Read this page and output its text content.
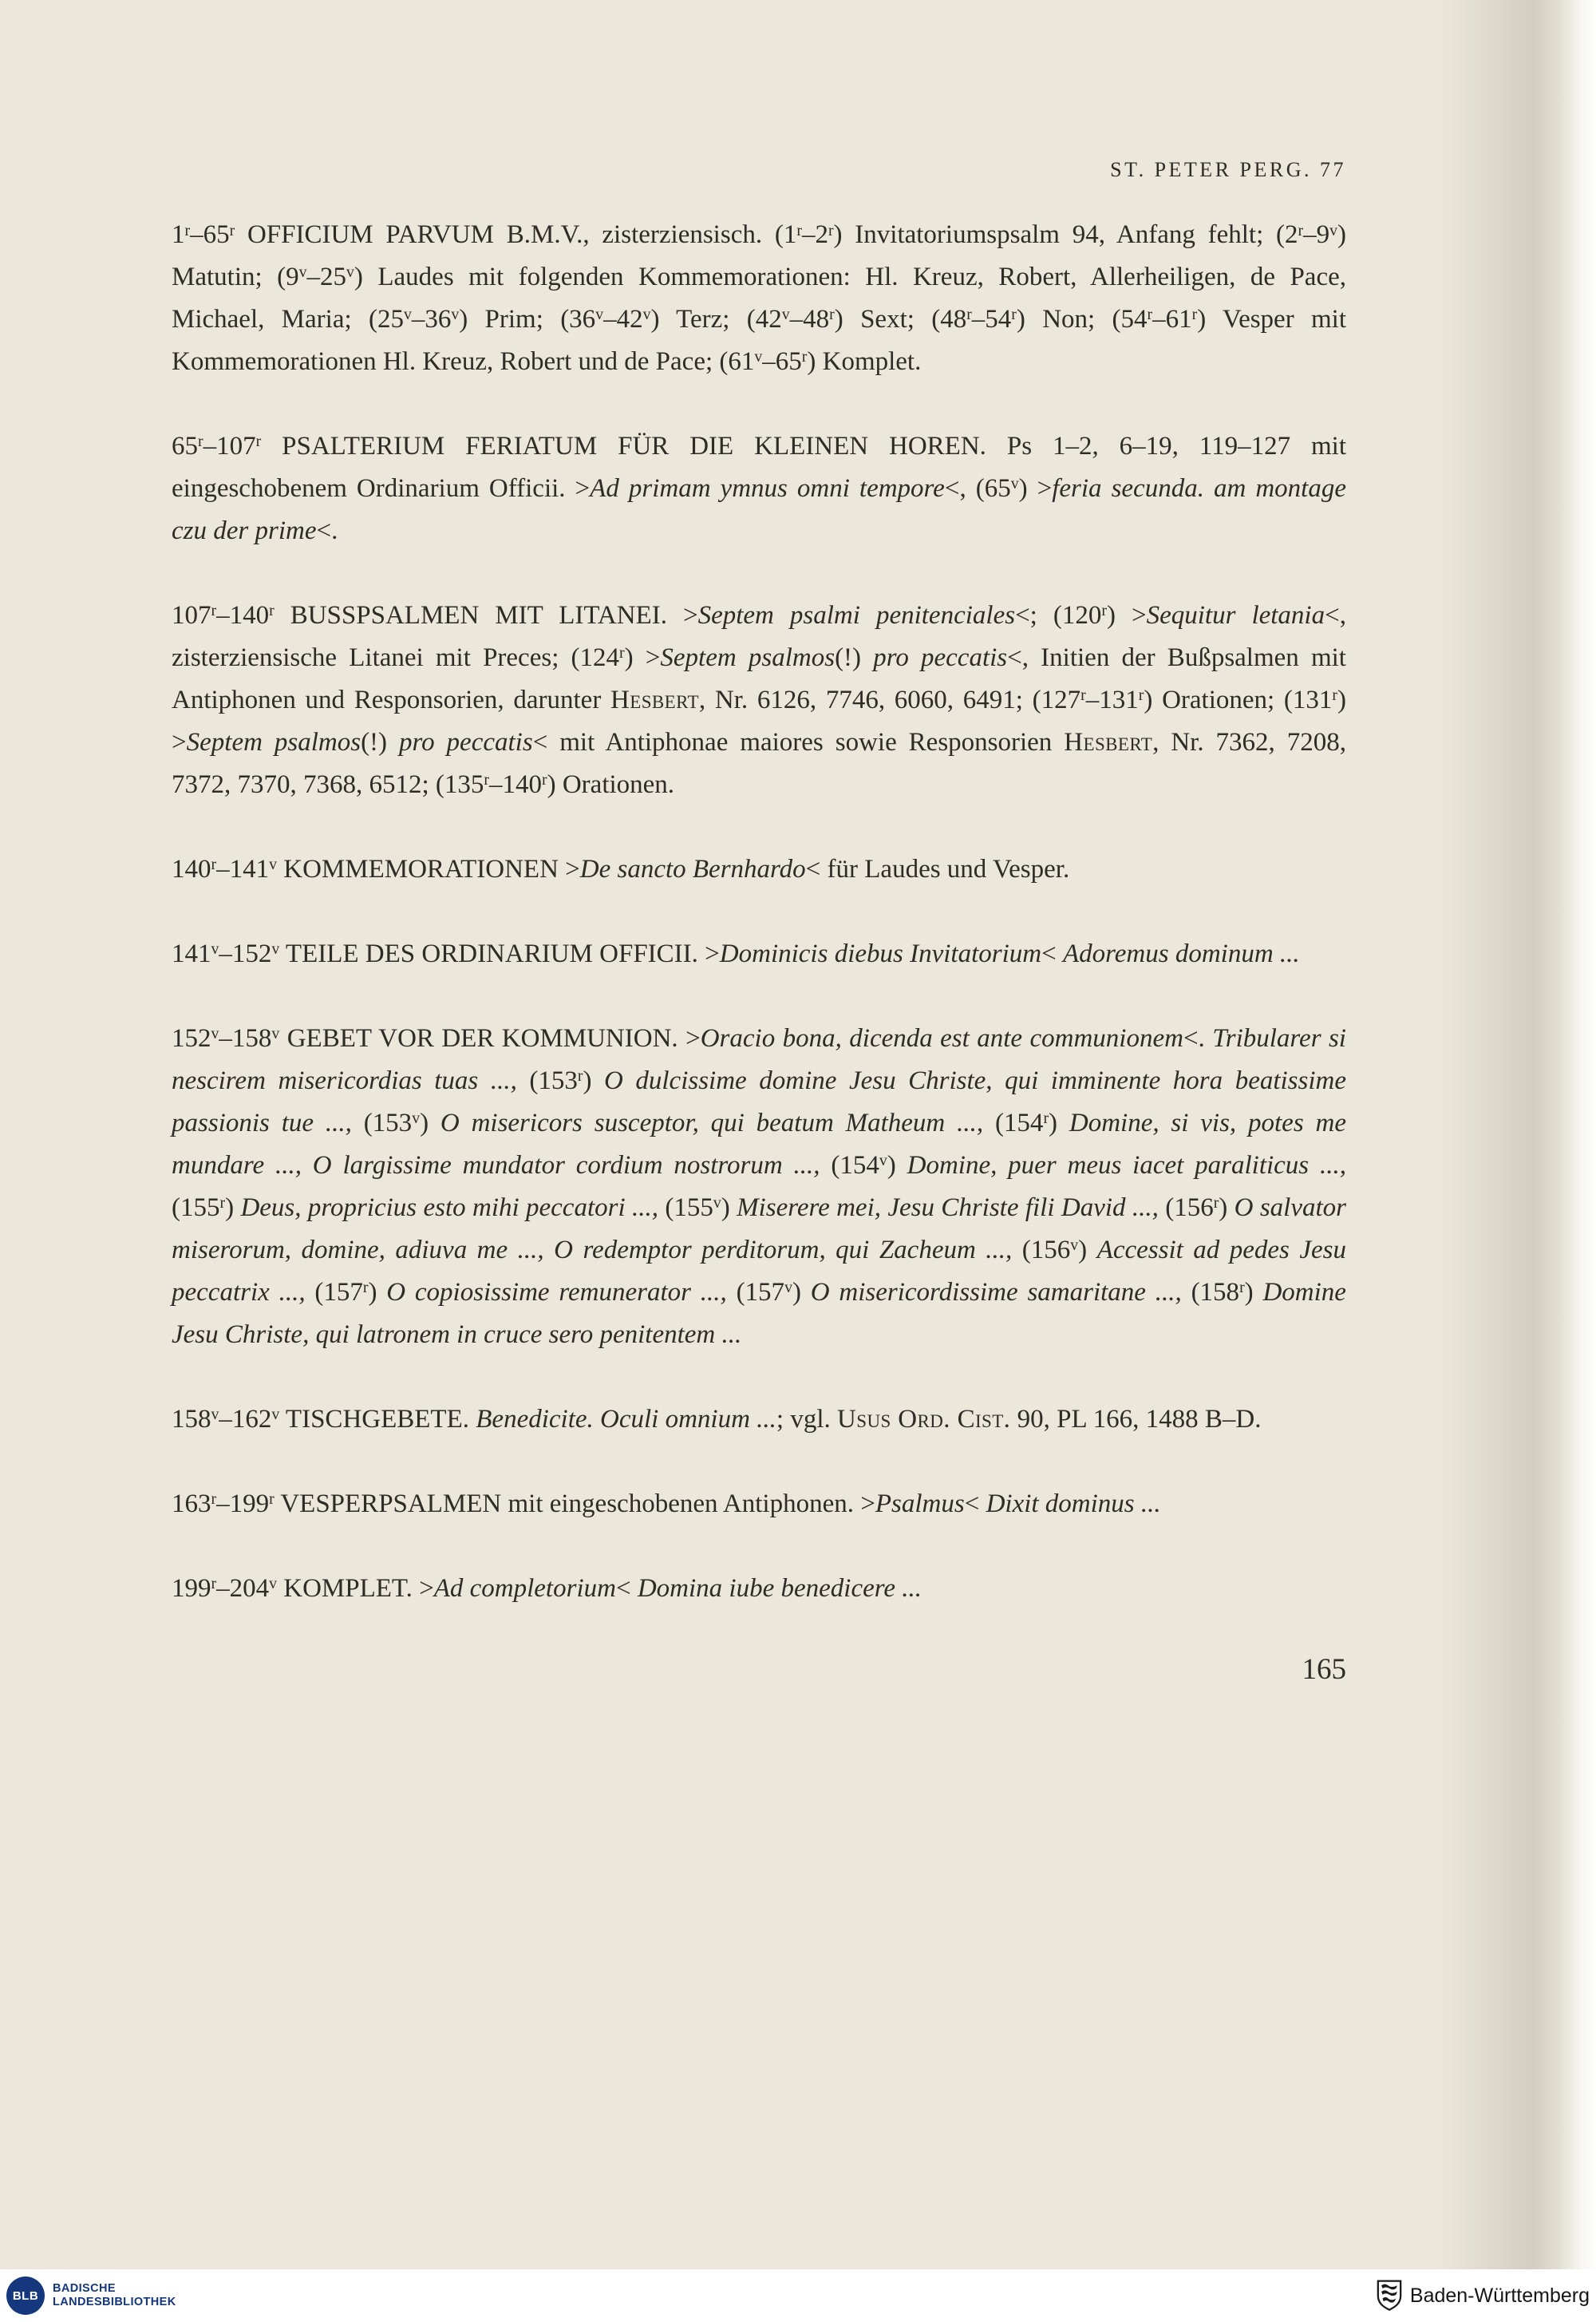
ST. PETER PERG. 77

1$^r$–65$^r$ OFFICIUM PARVUM B.M.V., zisterziensisch. (1$^r$–2$^r$) Invitatoriumspsalm 94, Anfang fehlt; (2$^r$–9$^v$) Matutin; (9$^v$–25$^v$) Laudes mit folgenden Kommemorationen: Hl. Kreuz, Robert, Allerheiligen, de Pace, Michael, Maria; (25$^v$–36$^v$) Prim; (36$^v$–42$^v$) Terz; (42$^v$–48$^r$) Sext; (48$^r$–54$^r$) Non; (54$^r$–61$^r$) Vesper mit Kommemorationen Hl. Kreuz, Robert und de Pace; (61$^v$–65$^r$) Komplet.

65$^r$–107$^r$ PSALTERIUM FERIATUM FÜR DIE KLEINEN HOREN. Ps 1–2, 6–19, 119–127 mit eingeschobenem Ordinarium Officii. >Ad primam ymnus omni tempore<, $(65^v)$ >feria secunda. am montage czu der prime<.

107$^r$–140$^r$ BUSSPSALMEN MIT LITANEI. >Septem psalmi penitenciales<; $(120^r)$ >Sequitur letania<, zisterziensische Litanei mit Preces; $(124^r)$ >Septem psalmos(!) pro peccatis<, Initien der Bußpsalmen mit Antiphonen und Responsorien, darunter Hesbert, Nr. 6126, 7746, 6060, 6491; (127$^r$–131$^r$) Orationen; $(131^r)$ >Septem psalmos(!) pro peccatis< mit Antiphonae maiores sowie Responsorien Hesbert, Nr. 7362, 7208, 7372, 7370, 7368, 6512; (135$^r$–140$^r$) Orationen.

140$^r$–141$^v$ KOMMEMORATIONEN >De sancto Bernhardo< für Laudes und Vesper.

141$^v$–152$^v$ TEILE DES ORDINARIUM OFFICII. >Dominicis diebus Invitatorium< Adoremus dominum ...

152$^v$–158$^v$ GEBET VOR DER KOMMUNION. >Oracio bona, dicenda est ante communionem<. Tribularer si nescirem misericordias tuas ..., (153$^r$) O dulcissime domine Jesu Christe, qui imminente hora beatissime passionis tue ..., (153$^v$) O misericors susceptor, qui beatum Matheum ..., (154$^r$) Domine, si vis, potes me mundare ..., O largissime mundator cordium nostrorum ..., (154$^v$) Domine, puer meus iacet paraliticus ..., (155$^r$) Deus, propricius esto mihi peccatori ..., (155$^v$) Miserere mei, Jesu Christe fili David ..., (156$^r$) O salvator miserorum, domine, adiuva me ..., O redemptor perditorum, qui Zacheum ..., (156$^v$) Accessit ad pedes Jesu peccatrix ..., (157$^r$) O copiosissime remunerator ..., (157$^v$) O misericordissime samaritane ..., (158$^r$) Domine Jesu Christe, qui latronem in cruce sero penitentem ...

158$^v$–162$^v$ TISCHGEBETE. Benedicite. Oculi omnium ...; vgl. Usus Ord. Cist. 90, PL 166, 1488 B–D.

163$^r$–199$^r$ VESPERPSALMEN mit eingeschobenen Antiphonen. >Psalmus< Dixit dominus ...

199$^r$–204$^v$ KOMPLET. >Ad completorium< Domina iube benedicere ...

165
BLB
BADISCHE
LANDESBIBLIOTHEK	Baden-Württemberg
